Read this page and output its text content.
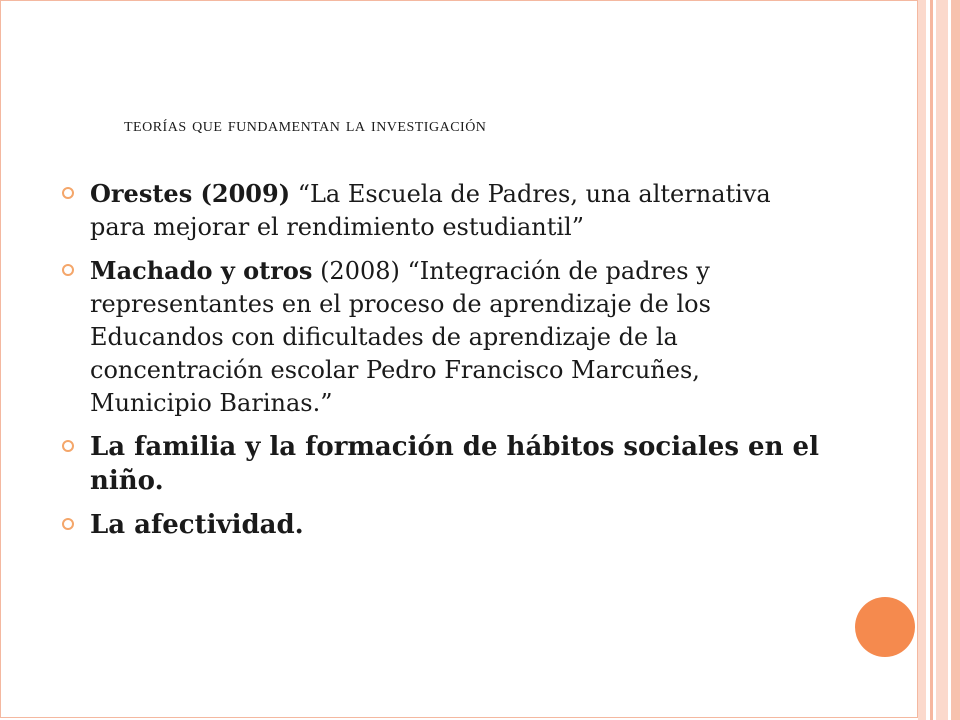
teorías que fundamentan la investigación
Orestes (2009) “La Escuela de Padres, una alternativa para mejorar el rendimiento estudiantil”
Machado y otros (2008) “Integración de padres y representantes en el proceso de aprendizaje de los Educandos con dificultades de aprendizaje de la concentración escolar Pedro Francisco Marcuñes, Municipio Barinas.”
La familia y la formación de hábitos sociales en el niño.
La afectividad.
